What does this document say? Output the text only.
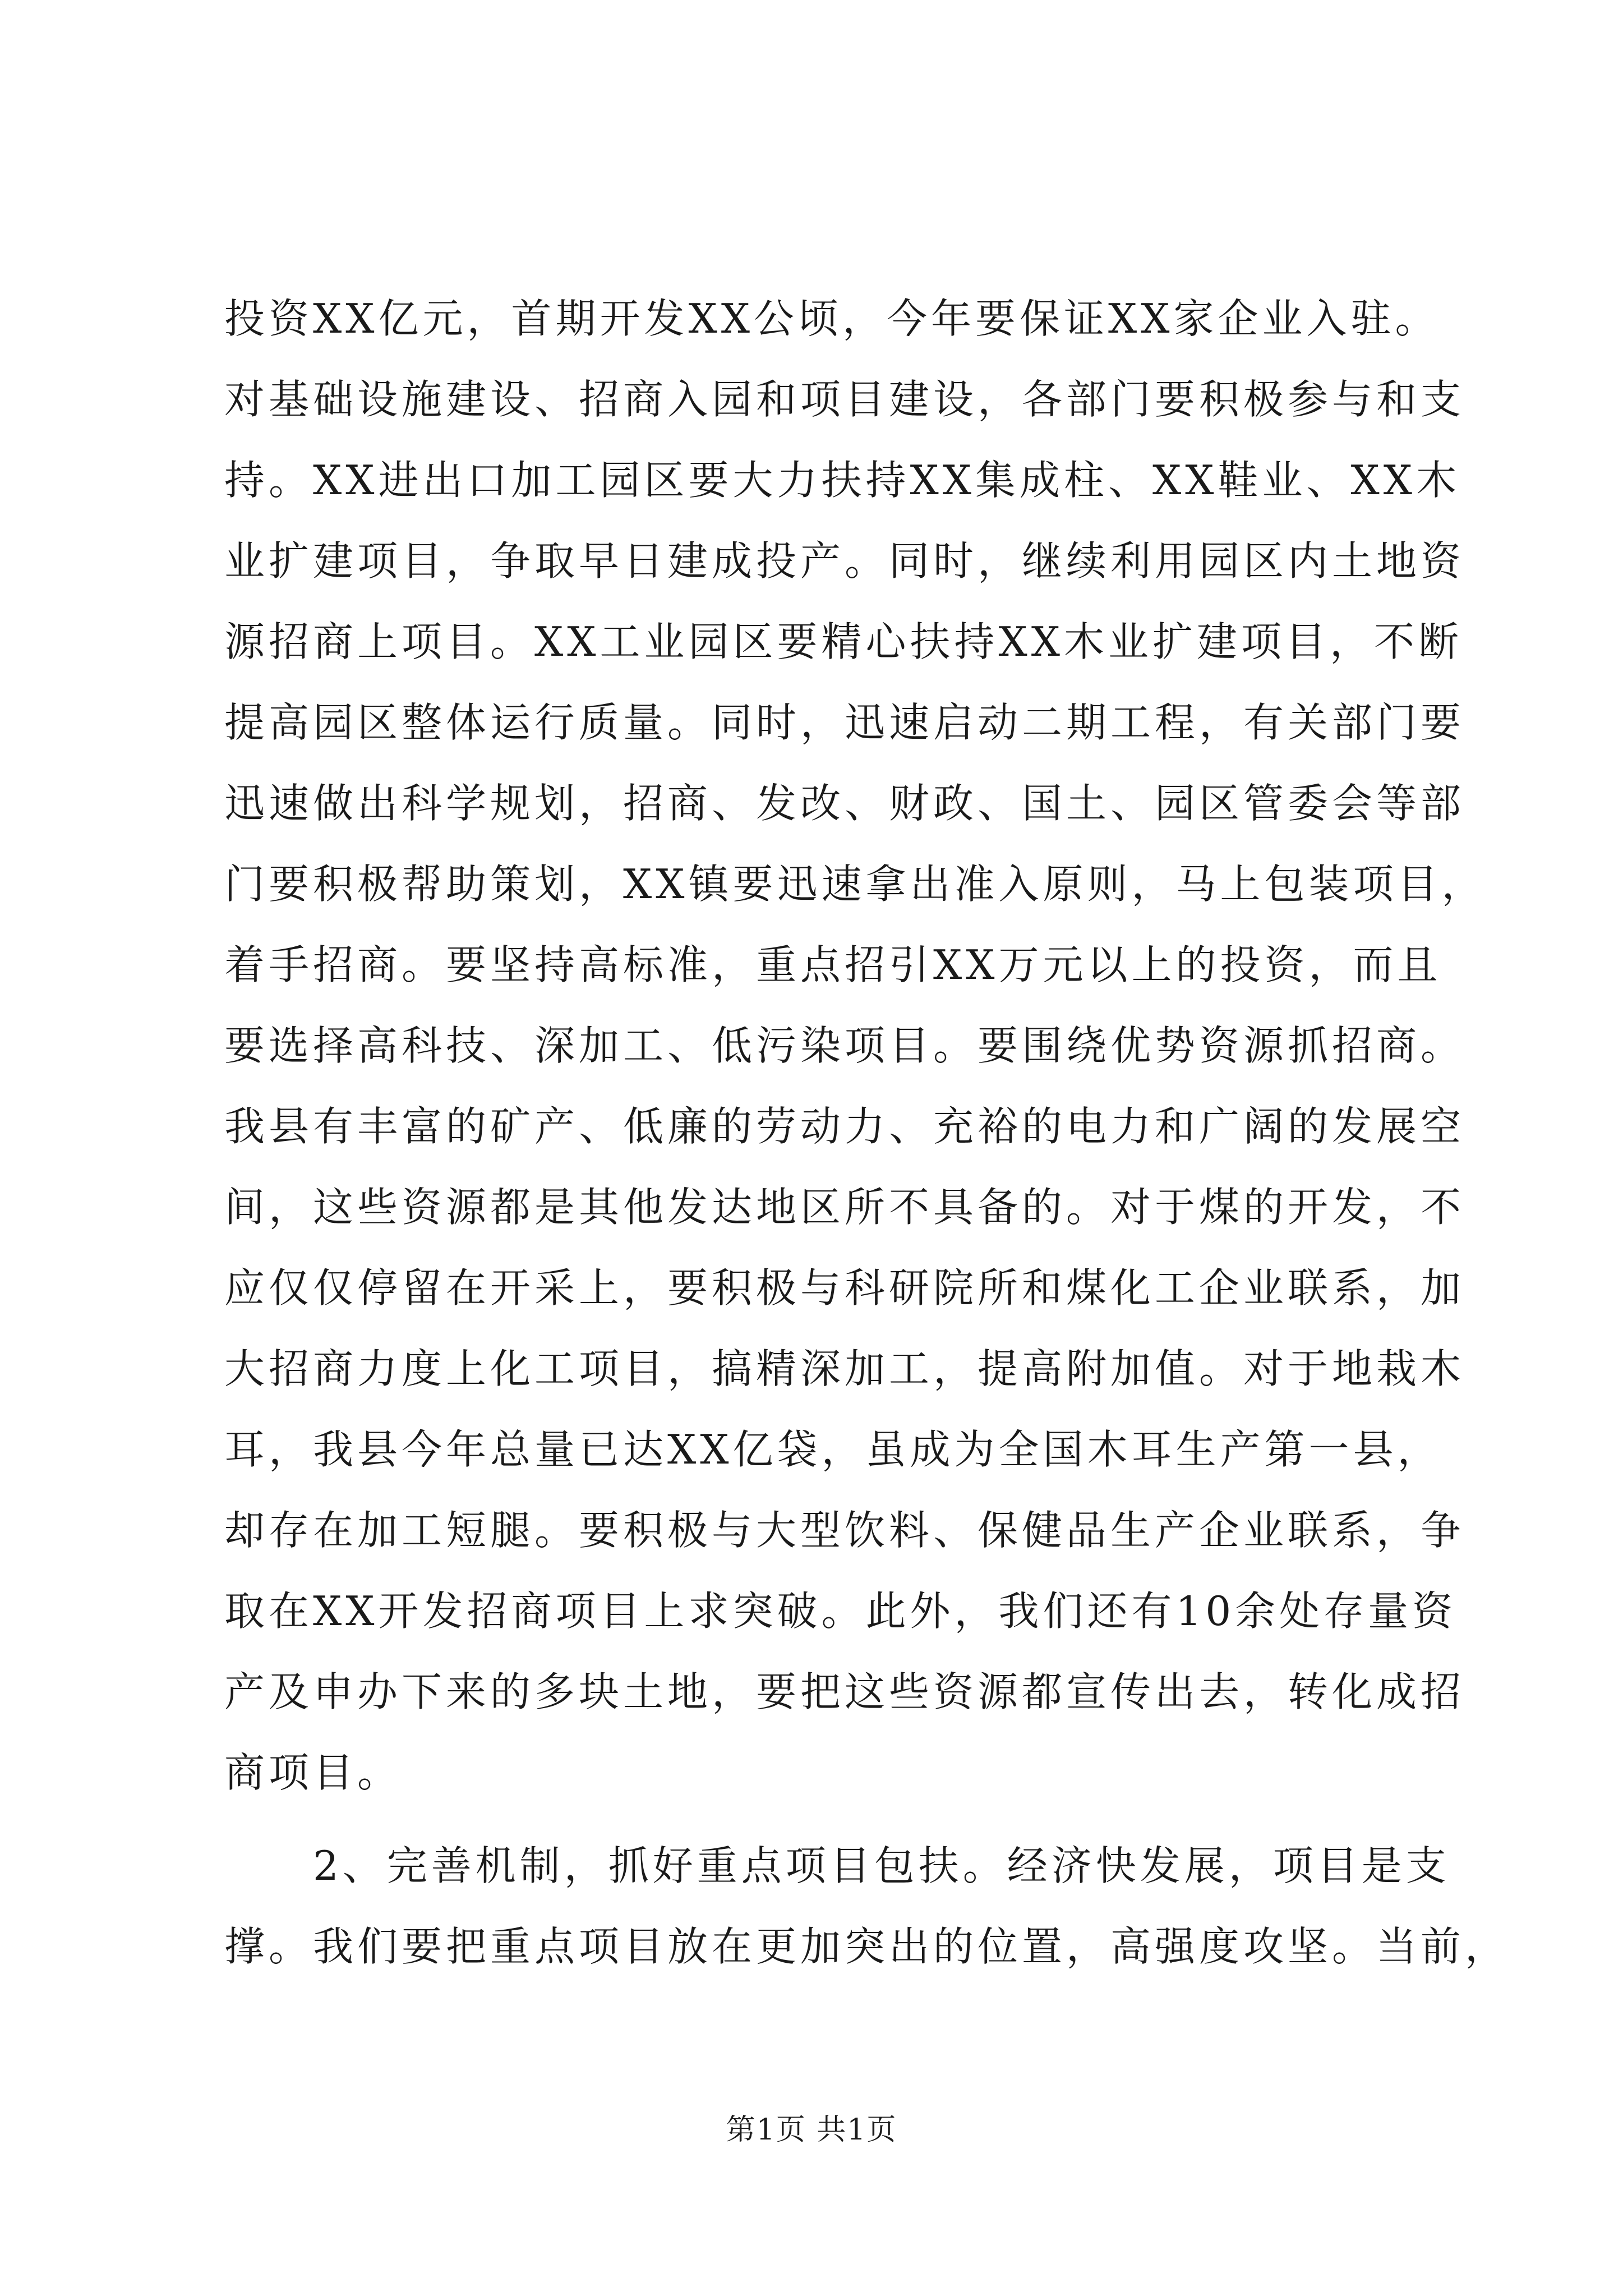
投资XX亿元，首期开发XX公顷，今年要保证XX家企业入驻。
对基础设施建设、招商入园和项目建设，各部门要积极参与和支
持。XX进出口加工园区要大力扶持XX集成柱、XX鞋业、XX木
业扩建项目，争取早日建成投产。同时，继续利用园区内土地资
源招商上项目。XX工业园区要精心扶持XX木业扩建项目，不断
提高园区整体运行质量。同时，迅速启动二期工程，有关部门要
迅速做出科学规划，招商、发改、财政、国土、园区管委会等部
门要积极帮助策划，XX镇要迅速拿出准入原则，马上包装项目，
着手招商。要坚持高标准，重点招引XX万元以上的投资，而且
要选择高科技、深加工、低污染项目。要围绕优势资源抓招商。
我县有丰富的矿产、低廉的劳动力、充裕的电力和广阔的发展空
间，这些资源都是其他发达地区所不具备的。对于煤的开发，不
应仅仅停留在开采上，要积极与科研院所和煤化工企业联系，加
大招商力度上化工项目，搞精深加工，提高附加值。对于地栽木
耳，我县今年总量已达XX亿袋，虽成为全国木耳生产第一县，
却存在加工短腿。要积极与大型饮料、保健品生产企业联系，争
取在XX开发招商项目上求突破。此外，我们还有10余处存量资
产及申办下来的多块土地，要把这些资源都宣传出去，转化成招
商项目。
　　2、完善机制，抓好重点项目包扶。经济快发展，项目是支
撑。我们要把重点项目放在更加突出的位置，高强度攻坚。当前，
第1页 共1页
